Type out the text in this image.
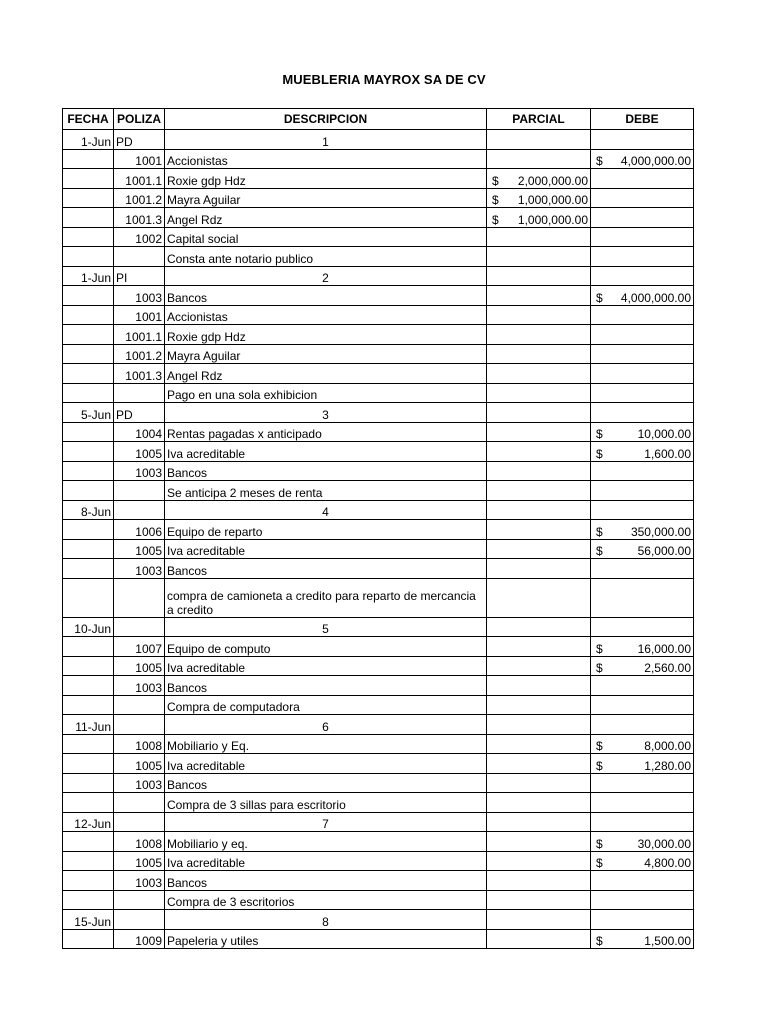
MUEBLERIA MAYROX SA DE CV
FECHA	POLIZA	DESCRIPCION	PARCIAL	DEBE
1-Jun	PD	1		
	1001	Accionistas		$ 4,000,000.00

	1001.1	Roxie gdp Hdz	$ 2,000,000.00	

	1001.2	Mayra Aguilar	$ 1,000,000.00	

	1001.3	Angel Rdz	$ 1,000,000.00	

	1002	Capital social		
		Consta ante notario publico		
1-Jun	PI	2		
	1003	Bancos		$ 4,000,000.00

	1001	Accionistas		
	1001.1	Roxie gdp Hdz		
	1001.2	Mayra Aguilar		
	1001.3	Angel Rdz		
		Pago en una sola exhibicion		
5-Jun	PD	3		
	1004	Rentas pagadas x anticipado		$ 10,000.00

	1005	Iva acreditable		$ 1,600.00

	1003	Bancos		
		Se anticipa 2 meses de renta		
8-Jun		4		
	1006	Equipo de reparto		$ 350,000.00

	1005	Iva acreditable		$ 56,000.00

	1003	Bancos		
		compra de camioneta a credito para reparto de mercancia a credito		
10-Jun		5		
	1007	Equipo de computo		$ 16,000.00

	1005	Iva acreditable		$ 2,560.00

	1003	Bancos		
		Compra de computadora		
11-Jun		6		
	1008	Mobiliario y Eq.		$ 8,000.00

	1005	Iva acreditable		$ 1,280.00

	1003	Bancos		
		Compra de 3 sillas para escritorio		
12-Jun		7		
	1008	Mobiliario y eq.		$ 30,000.00

	1005	Iva acreditable		$ 4,800.00

	1003	Bancos		
		Compra de 3 escritorios		
15-Jun		8		
	1009	Papeleria y utiles		$ 1,500.00
